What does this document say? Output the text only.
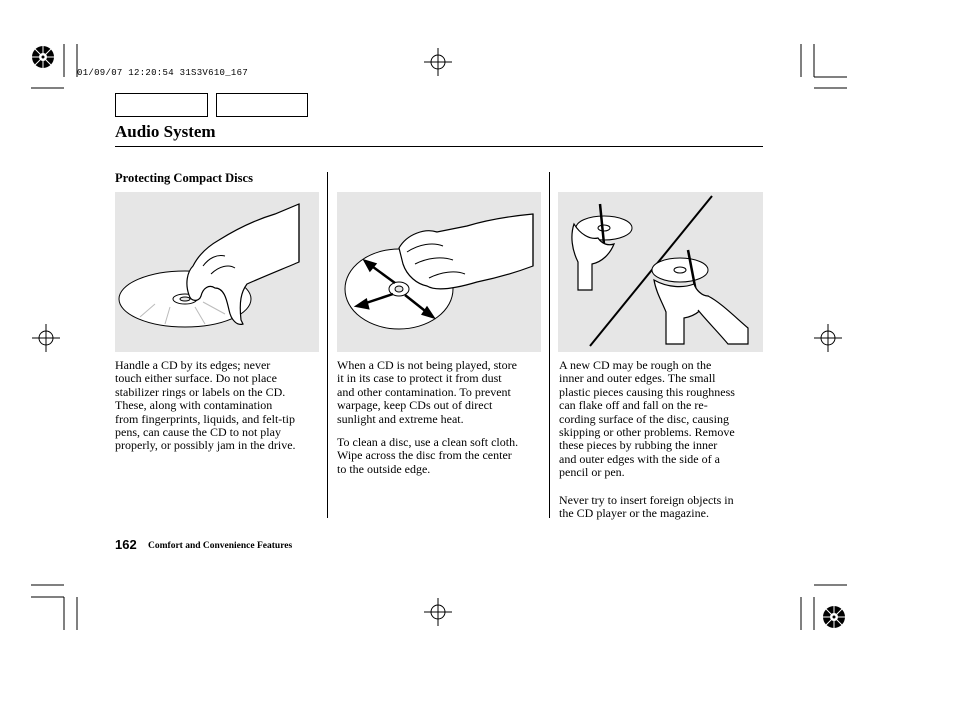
01/09/07 12:20:54 31S3V610_167
Audio System
Protecting Compact Discs

Handle a CD by its edges; never
touch either surface. Do not place
stabilizer rings or labels on the CD.
These, along with contamination
from fingerprints, liquids, and felt-tip
pens, can cause the CD to not play
properly, or possibly jam in the drive.

When a CD is not being played, store
it in its case to protect it from dust
and other contamination. To prevent
warpage, keep CDs out of direct
sunlight and extreme heat.

To clean a disc, use a clean soft cloth.
Wipe across the disc from the center
to the outside edge.

A new CD may be rough on the
inner and outer edges. The small
plastic pieces causing this roughness
can flake off and fall on the re-
cording surface of the disc, causing
skipping or other problems. Remove
these pieces by rubbing the inner
and outer edges with the side of a
pencil or pen.

Never try to insert foreign objects in
the CD player or the magazine.

162 Comfort and Convenience Features
